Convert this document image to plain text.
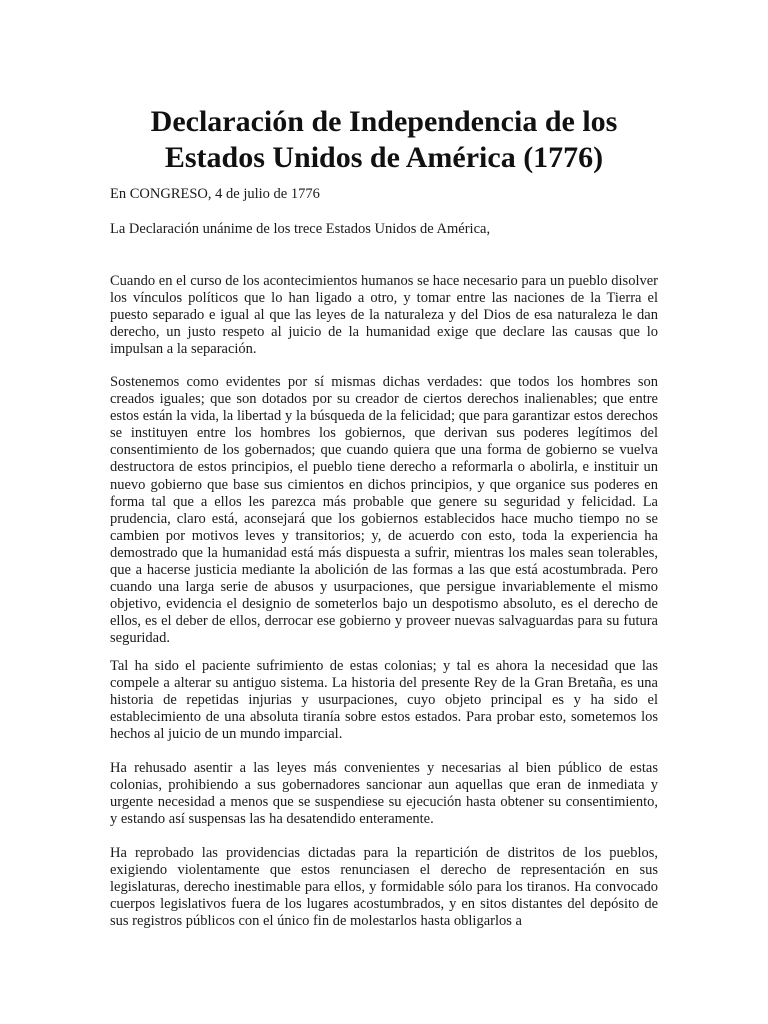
Declaración de Independencia de los Estados Unidos de América (1776)

En CONGRESO, 4 de julio de 1776

La Declaración unánime de los trece Estados Unidos de América,

Cuando en el curso de los acontecimientos humanos se hace necesario para un pueblo disolver los vínculos políticos que lo han ligado a otro, y tomar entre las naciones de la Tierra el puesto separado e igual al que las leyes de la naturaleza y del Dios de esa naturaleza le dan derecho, un justo respeto al juicio de la humanidad exige que declare las causas que lo impulsan a la separación.

Sostenemos como evidentes por sí mismas dichas verdades: que todos los hombres son creados iguales; que son dotados por su creador de ciertos derechos inalienables; que entre estos están la vida, la libertad y la búsqueda de la felicidad; que para garantizar estos derechos se instituyen entre los hombres los gobiernos, que derivan sus poderes legítimos del consentimiento de los gobernados; que cuando quiera que una forma de gobierno se vuelva destructora de estos principios, el pueblo tiene derecho a reformarla o abolirla, e instituir un nuevo gobierno que base sus cimientos en dichos principios, y que organice sus poderes en forma tal que a ellos les parezca más probable que genere su seguridad y felicidad. La prudencia, claro está, aconsejará que los gobiernos establecidos hace mucho tiempo no se cambien por motivos leves y transitorios; y, de acuerdo con esto, toda la experiencia ha demostrado que la humanidad está más dispuesta a sufrir, mientras los males sean tolerables, que a hacerse justicia mediante la abolición de las formas a las que está acostumbrada. Pero cuando una larga serie de abusos y usurpaciones, que persigue invariablemente el mismo objetivo, evidencia el designio de someterlos bajo un despotismo absoluto, es el derecho de ellos, es el deber de ellos, derrocar ese gobierno y proveer nuevas salvaguardas para su futura seguridad.

Tal ha sido el paciente sufrimiento de estas colonias; y tal es ahora la necesidad que las compele a alterar su antiguo sistema. La historia del presente Rey de la Gran Bretaña, es una historia de repetidas injurias y usurpaciones, cuyo objeto principal es y ha sido el establecimiento de una absoluta tiranía sobre estos estados. Para probar esto, sometemos los hechos al juicio de un mundo imparcial.

Ha rehusado asentir a las leyes más convenientes y necesarias al bien público de estas colonias, prohibiendo a sus gobernadores sancionar aun aquellas que eran de inmediata y urgente necesidad a menos que se suspendiese su ejecución hasta obtener su consentimiento, y estando así suspensas las ha desatendido enteramente.

Ha reprobado las providencias dictadas para la repartición de distritos de los pueblos, exigiendo violentamente que estos renunciasen el derecho de representación en sus legislaturas, derecho inestimable para ellos, y formidable sólo para los tiranos. Ha convocado cuerpos legislativos fuera de los lugares acostumbrados, y en sitos distantes del depósito de sus registros públicos con el único fin de molestarlos hasta obligarlos a
